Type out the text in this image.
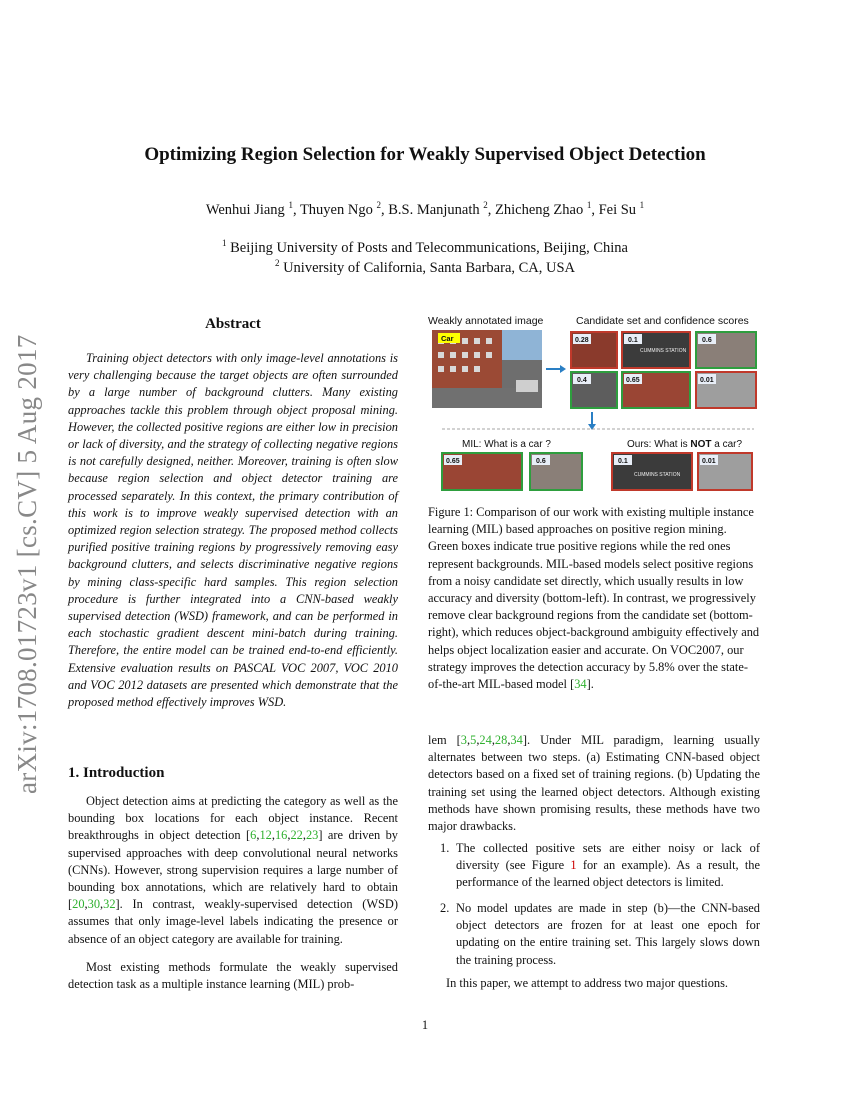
Optimizing Region Selection for Weakly Supervised Object Detection
Wenhui Jiang $^1$, Thuyen Ngo $^2$, B.S. Manjunath $^2$, Zhicheng Zhao $^1$, Fei Su $^1$
$^1$ Beijing University of Posts and Telecommunications, Beijing, China
$^2$ University of California, Santa Barbara, CA, USA
arXiv:1708.01723v1 [cs.CV] 5 Aug 2017
Abstract
Training object detectors with only image-level annotations is very challenging because the target objects are often surrounded by a large number of background clutters. Many existing approaches tackle this problem through object proposal mining. However, the collected positive regions are either low in precision or lack of diversity, and the strategy of collecting negative regions is not carefully designed, neither. Moreover, training is often slow because region selection and object detector training are processed separately. In this context, the primary contribution of this work is to improve weakly supervised detection with an optimized region selection strategy. The proposed method collects purified positive training regions by progressively removing easy background clutters, and selects discriminative negative regions by mining class-specific hard samples. This region selection procedure is further integrated into a CNN-based weakly supervised detection (WSD) framework, and can be performed in each stochastic gradient descent mini-batch during training. Therefore, the entire model can be trained end-to-end efficiently. Extensive evaluation results on PASCAL VOC 2007, VOC 2010 and VOC 2012 datasets are presented which demonstrate that the proposed method effectively improves WSD.
1. Introduction
Object detection aims at predicting the category as well as the bounding box locations for each object instance. Recent breakthroughs in object detection [6,12,16,22,23] are driven by supervised approaches with deep convolutional neural networks (CNNs). However, strong supervision requires a large number of bounding box annotations, which are relatively hard to obtain [20,30,32]. In contrast, weakly-supervised detection (WSD) assumes that only image-level labels indicating the presence or absence of an object category are available for training.
Most existing methods formulate the weakly supervised detection task as a multiple instance learning (MIL) prob-
Weakly annotated image	Candidate set and confidence scores
Car
CUMMINS STATION
0.28	0.1	0.6
0.4	0.65	0.01
MIL: What is a car ?	Ours: What is NOT a car?
CUMMINS STATION
0.65	0.6	0.1	0.01
Figure 1: Comparison of our work with existing multiple instance learning (MIL) based approaches on positive region mining. Green boxes indicate true positive regions while the red ones represent backgrounds. MIL-based models select positive regions from a noisy candidate set directly, which usually results in low accuracy and diversity (bottom-left). In contrast, we progressively remove clear background regions from the candidate set (bottom-right), which reduces object-background ambiguity effectively and helps object localization easier and accurate. On VOC2007, our strategy improves the detection accuracy by 5.8% over the state-of-the-art MIL-based model [34].
lem [3,5,24,28,34]. Under MIL paradigm, learning usually alternates between two steps. (a) Estimating CNN-based object detectors based on a fixed set of training regions. (b) Updating the training set using the learned object detectors. Although existing methods have shown promising results, these methods have two major drawbacks.
1. The collected positive sets are either noisy or lack of diversity (see Figure 1 for an example). As a result, the performance of the learned object detectors is limited.
2. No model updates are made in step (b)—the CNN-based object detectors are frozen for at least one epoch for updating on the entire training set. This largely slows down the training process.
In this paper, we attempt to address two major questions.
1
